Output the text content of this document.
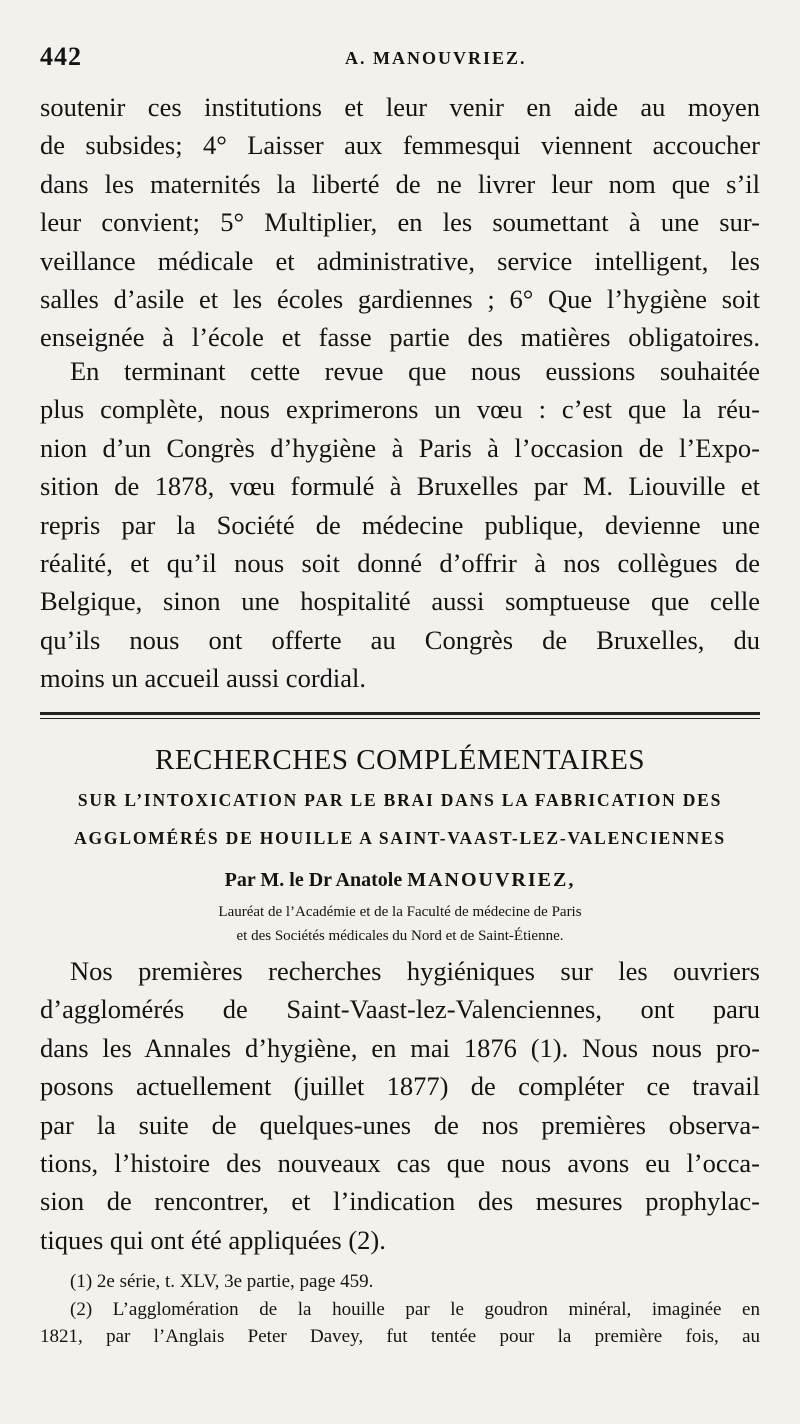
442	A. MANOUVRIEZ.
soutenir ces institutions et leur venir en aide au moyen
de subsides; 4° Laisser aux femmesqui viennent accoucher
dans les maternités la liberté de ne livrer leur nom que s’il
leur convient; 5° Multiplier, en les soumettant à une sur-
veillance médicale et administrative, service intelligent, les
salles d’asile et les écoles gardiennes ; 6° Que l’hygiène soit
enseignée à l’école et fasse partie des matières obligatoires.
En terminant cette revue que nous eussions souhaitée
plus complète, nous exprimerons un vœu : c’est que la réu-
nion d’un Congrès d’hygiène à Paris à l’occasion de l’Expo-
sition de 1878, vœu formulé à Bruxelles par M. Liouville et
repris par la Société de médecine publique, devienne une
réalité, et qu’il nous soit donné d’offrir à nos collègues de
Belgique, sinon une hospitalité aussi somptueuse que celle
qu’ils nous ont offerte au Congrès de Bruxelles, du
moins un accueil aussi cordial.
RECHERCHES COMPLÉMENTAIRES
SUR L’INTOXICATION PAR LE BRAI DANS LA FABRICATION DES
AGGLOMÉRÉS DE HOUILLE A SAINT-VAAST-LEZ-VALENCIENNES
Par M. le Dr Anatole MANOUVRIEZ,
Lauréat de l’Académie et de la Faculté de médecine de Paris
et des Sociétés médicales du Nord et de Saint-Étienne.
Nos premières recherches hygiéniques sur les ouvriers
d’agglomérés de Saint-Vaast-lez-Valenciennes, ont paru
dans les Annales d’hygiène, en mai 1876 (1). Nous nous pro-
posons actuellement (juillet 1877) de compléter ce travail
par la suite de quelques-unes de nos premières observa-
tions, l’histoire des nouveaux cas que nous avons eu l’occa-
sion de rencontrer, et l’indication des mesures prophylac-
tiques qui ont été appliquées (2).
(1) 2e série, t. XLV, 3e partie, page 459.
(2) L’agglomération de la houille par le goudron minéral, imaginée en
1821, par l’Anglais Peter Davey, fut tentée pour la première fois, au
